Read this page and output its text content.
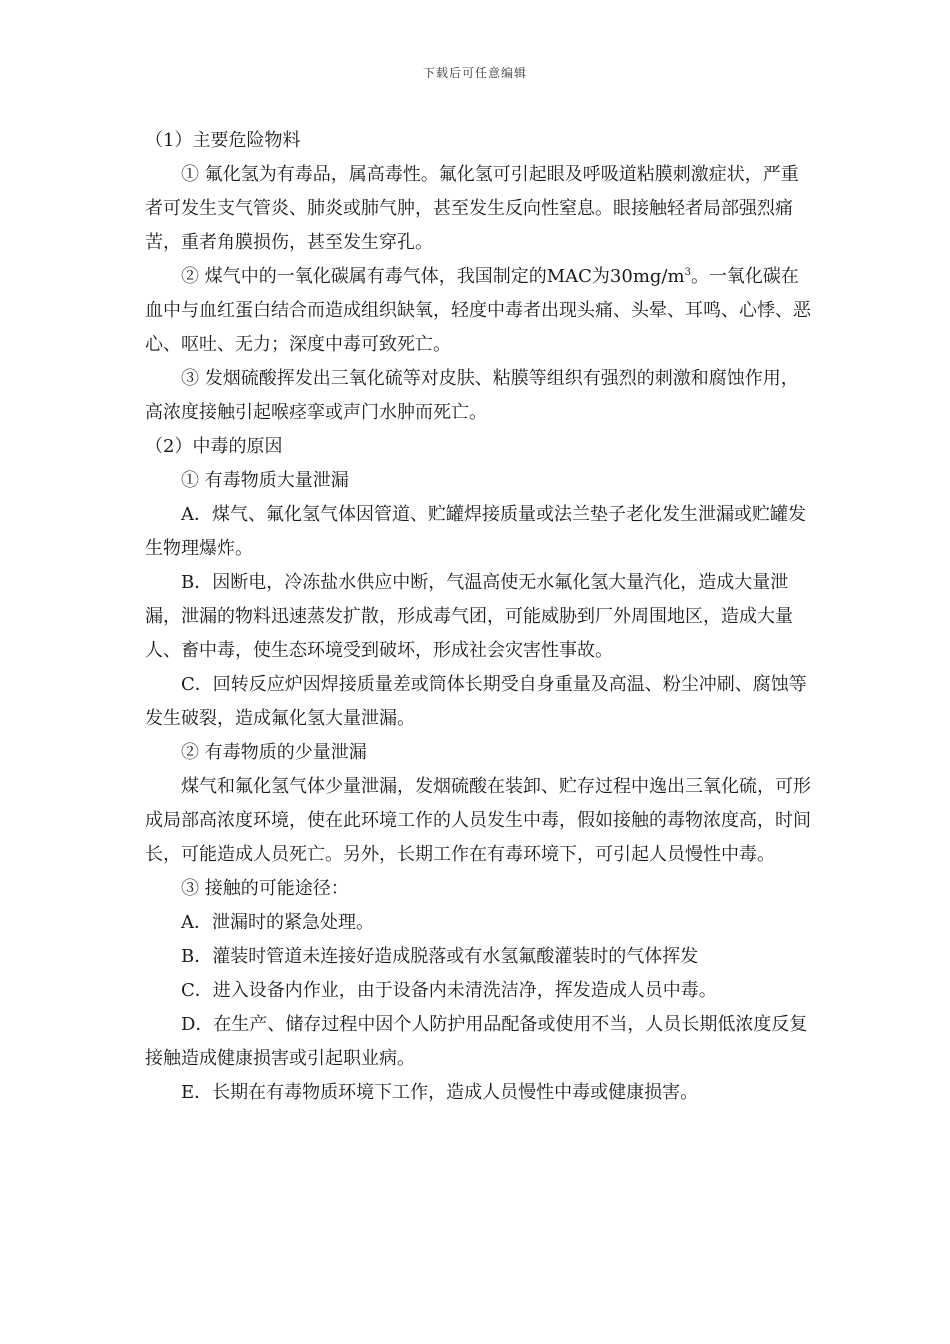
下载后可任意编辑

（1）主要危险物料

① 氟化氢为有毒品，属高毒性。氟化氢可引起眼及呼吸道粘膜刺激症状，严重者可发生支气管炎、肺炎或肺气肿，甚至发生反向性窒息。眼接触轻者局部强烈痛苦，重者角膜损伤，甚至发生穿孔。

② 煤气中的一氧化碳属有毒气体，我国制定的MAC为$30mg/m^3$。一氧化碳在血中与血红蛋白结合而造成组织缺氧，轻度中毒者出现头痛、头晕、耳鸣、心悸、恶心、呕吐、无力；深度中毒可致死亡。

③ 发烟硫酸挥发出三氧化硫等对皮肤、粘膜等组织有强烈的刺激和腐蚀作用，高浓度接触引起喉痉挛或声门水肿而死亡。

（2）中毒的原因

① 有毒物质大量泄漏

A．煤气、氟化氢气体因管道、贮罐焊接质量或法兰垫子老化发生泄漏或贮罐发生物理爆炸。

B．因断电，冷冻盐水供应中断，气温高使无水氟化氢大量汽化，造成大量泄漏，泄漏的物料迅速蒸发扩散，形成毒气团，可能威胁到厂外周围地区，造成大量人、畜中毒，使生态环境受到破坏，形成社会灾害性事故。

C．回转反应炉因焊接质量差或筒体长期受自身重量及高温、粉尘冲刷、腐蚀等发生破裂，造成氟化氢大量泄漏。

② 有毒物质的少量泄漏

煤气和氟化氢气体少量泄漏，发烟硫酸在装卸、贮存过程中逸出三氧化硫，可形成局部高浓度环境，使在此环境工作的人员发生中毒，假如接触的毒物浓度高，时间长，可能造成人员死亡。另外，长期工作在有毒环境下，可引起人员慢性中毒。

③ 接触的可能途径：

A．泄漏时的紧急处理。

B．灌装时管道未连接好造成脱落或有水氢氟酸灌装时的气体挥发

C．进入设备内作业，由于设备内未清洗洁净，挥发造成人员中毒。

D．在生产、储存过程中因个人防护用品配备或使用不当，人员长期低浓度反复接触造成健康损害或引起职业病。

E．长期在有毒物质环境下工作，造成人员慢性中毒或健康损害。
